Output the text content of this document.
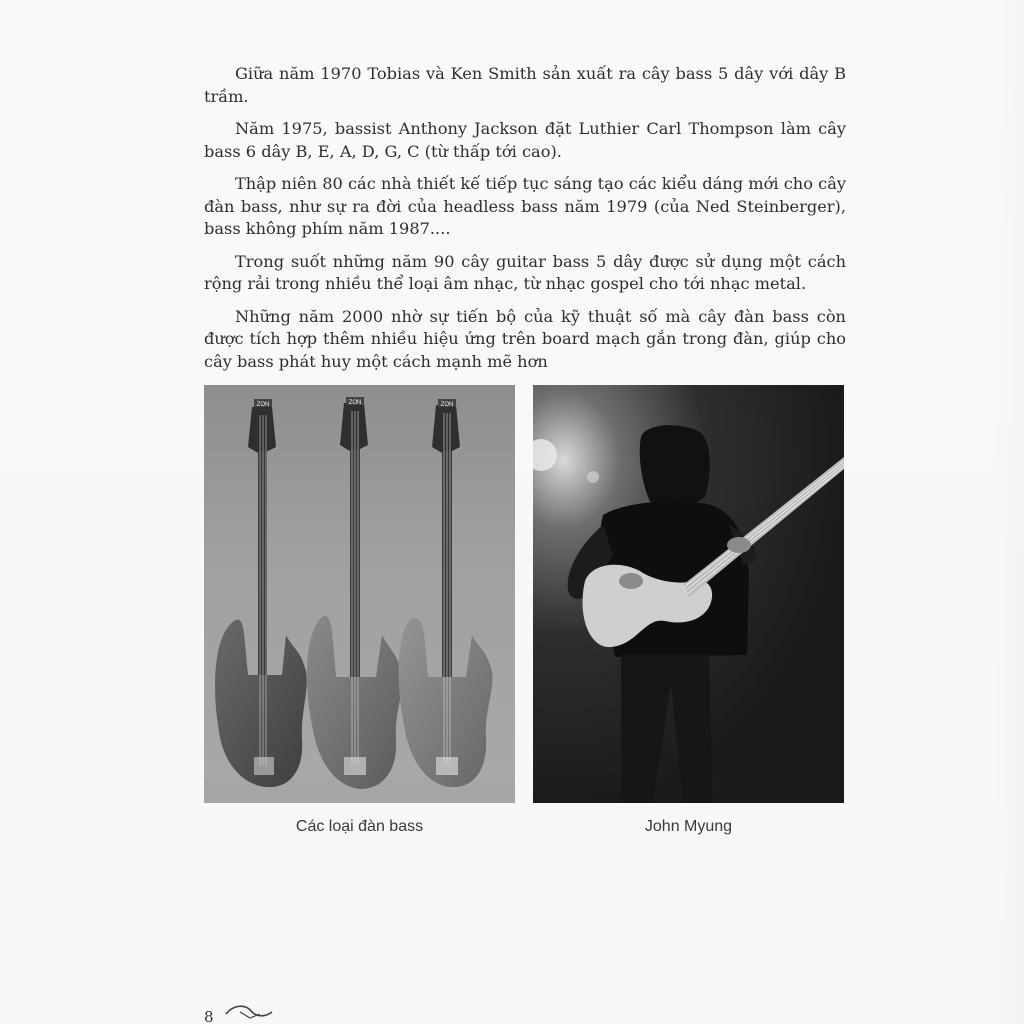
Giữa năm 1970 Tobias và Ken Smith sản xuất ra cây bass 5 dây với dây B trầm.

Năm 1975, bassist Anthony Jackson đặt Luthier Carl Thompson làm cây bass 6 dây B, E, A, D, G, C (từ thấp tới cao).

Thập niên 80 các nhà thiết kế tiếp tục sáng tạo các kiểu dáng mới cho cây đàn bass, như sự ra đời của headless bass năm 1979 (của Ned Steinberger), bass không phím năm 1987....

Trong suốt những năm 90 cây guitar bass 5 dây được sử dụng một cách rộng rải trong nhiều thể loại âm nhạc, từ nhạc gospel cho tới nhạc metal.

Những năm 2000 nhờ sự tiến bộ của kỹ thuật số mà cây đàn bass còn được tích hợp thêm nhiều hiệu ứng trên board mạch gắn trong đàn, giúp cho cây bass phát huy một cách mạnh mẽ hơn

ZON	ZON	ZON
Các loại đàn bass	John Myung
8
